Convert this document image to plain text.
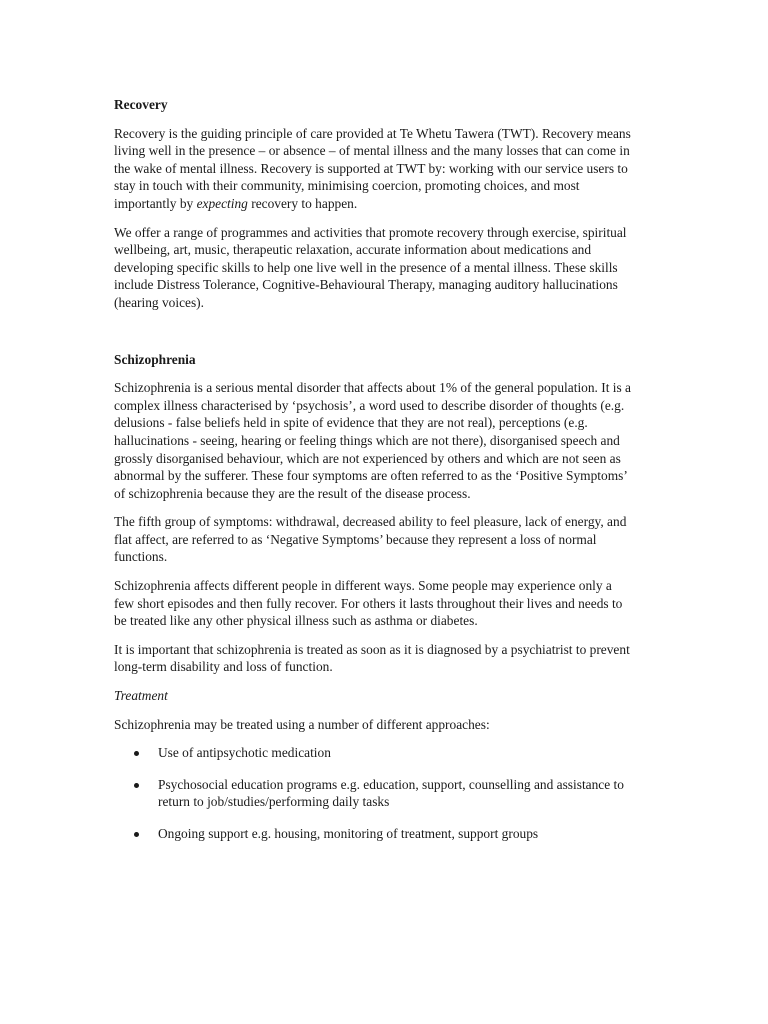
Recovery

Recovery is the guiding principle of care provided at Te Whetu Tawera (TWT). Recovery means living well in the presence – or absence – of mental illness and the many losses that can come in the wake of mental illness. Recovery is supported at TWT by: working with our service users to stay in touch with their community, minimising coercion, promoting choices, and most importantly by expecting recovery to happen.

We offer a range of programmes and activities that promote recovery through exercise, spiritual wellbeing, art, music, therapeutic relaxation, accurate information about medications and developing specific skills to help one live well in the presence of a mental illness. These skills include Distress Tolerance, Cognitive-Behavioural Therapy, managing auditory hallucinations (hearing voices).

Schizophrenia

Schizophrenia is a serious mental disorder that affects about 1% of the general population. It is a complex illness characterised by ‘psychosis’, a word used to describe disorder of thoughts (e.g. delusions - false beliefs held in spite of evidence that they are not real), perceptions (e.g. hallucinations - seeing, hearing or feeling things which are not there), disorganised speech and grossly disorganised behaviour, which are not experienced by others and which are not seen as abnormal by the sufferer. These four symptoms are often referred to as the ‘Positive Symptoms’ of schizophrenia because they are the result of the disease process.

The fifth group of symptoms: withdrawal, decreased ability to feel pleasure, lack of energy, and flat affect, are referred to as ‘Negative Symptoms’ because they represent a loss of normal functions.

Schizophrenia affects different people in different ways. Some people may experience only a few short episodes and then fully recover. For others it lasts throughout their lives and needs to be treated like any other physical illness such as asthma or diabetes.

It is important that schizophrenia is treated as soon as it is diagnosed by a psychiatrist to prevent long-term disability and loss of function.

Treatment

Schizophrenia may be treated using a number of different approaches:

Use of antipsychotic medication
Psychosocial education programs e.g. education, support, counselling and assistance to return to job/studies/performing daily tasks
Ongoing support e.g. housing, monitoring of treatment, support groups
